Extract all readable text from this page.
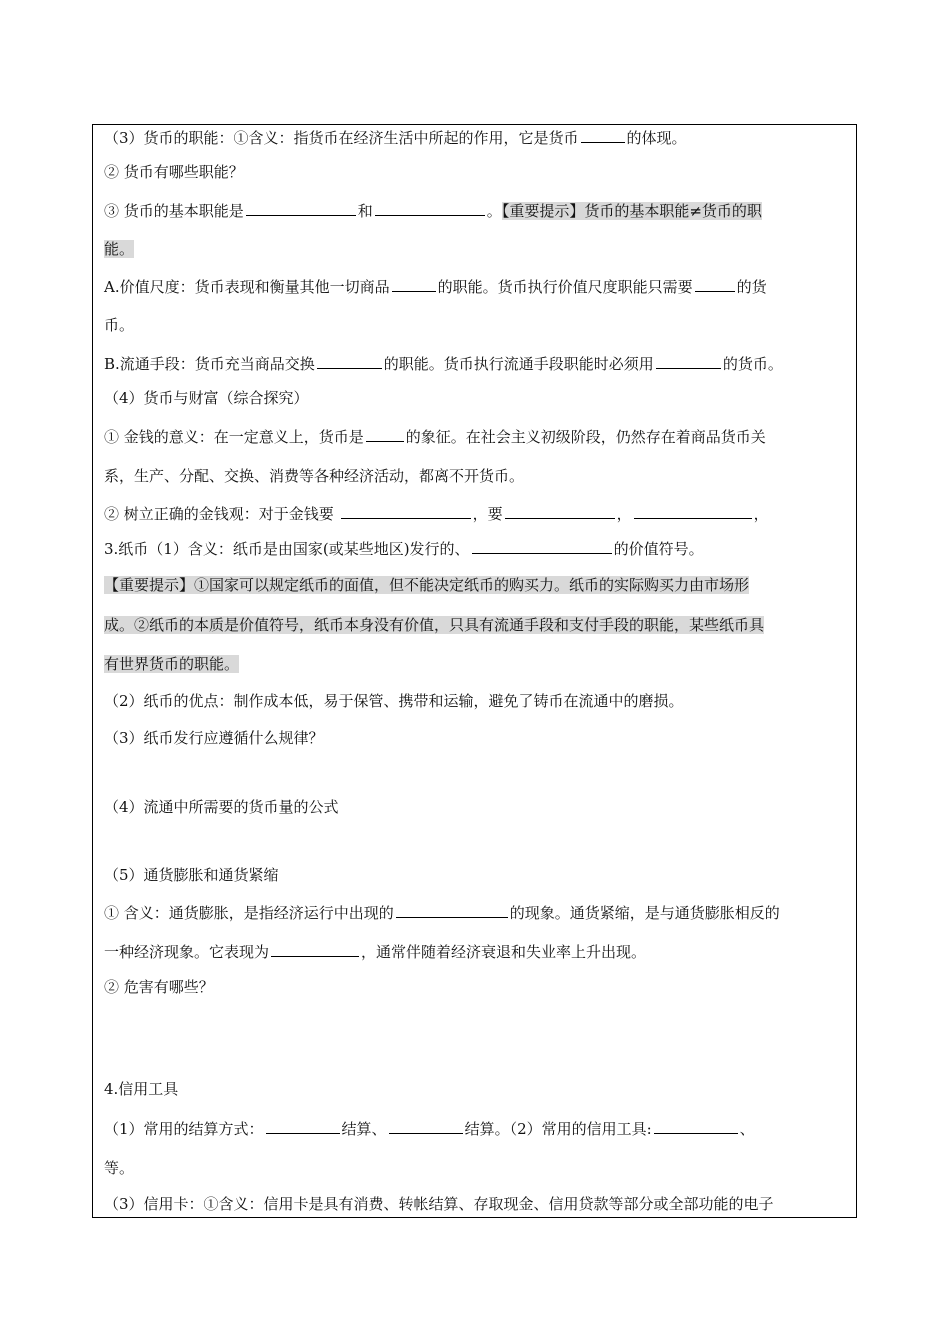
（3）货币的职能：①含义：指货币在经济生活中所起的作用，它是货币	的体现。
② 货币有哪些职能？
③ 货币的基本职能是	和	。【重要提示】货币的基本职能≠货币的职
能。
A.价值尺度：货币表现和衡量其他一切商品	的职能。货币执行价值尺度职能只需要	的货
币。
B.流通手段：货币充当商品交换	的职能。货币执行流通手段职能时必须用	的货币。
（4）货币与财富（综合探究）
① 金钱的意义：在一定意义上，货币是	的象征。在社会主义初级阶段，仍然存在着商品货币关
系，生产、分配、交换、消费等各种经济活动，都离不开货币。
② 树立正确的金钱观：对于金钱要	，要	，	，
3.纸币（1）含义：纸币是由国家(或某些地区)发行的、	的价值符号。
【重要提示】①国家可以规定纸币的面值，但不能决定纸币的购买力。纸币的实际购买力由市场形
成。②纸币的本质是价值符号，纸币本身没有价值，只具有流通手段和支付手段的职能，某些纸币具
有世界货币的职能。
（2）纸币的优点：制作成本低，易于保管、携带和运输，避免了铸币在流通中的磨损。
（3）纸币发行应遵循什么规律？
（4）流通中所需要的货币量的公式
（5）通货膨胀和通货紧缩
① 含义：通货膨胀，是指经济运行中出现的	的现象。通货紧缩，是与通货膨胀相反的
一种经济现象。它表现为	，通常伴随着经济衰退和失业率上升出现。
② 危害有哪些？
4.信用工具
（1）常用的结算方式：	结算、	结算。（2）常用的信用工具:	、
等。
（3）信用卡：①含义：信用卡是具有消费、转帐结算、存取现金、信用贷款等部分或全部功能的电子
